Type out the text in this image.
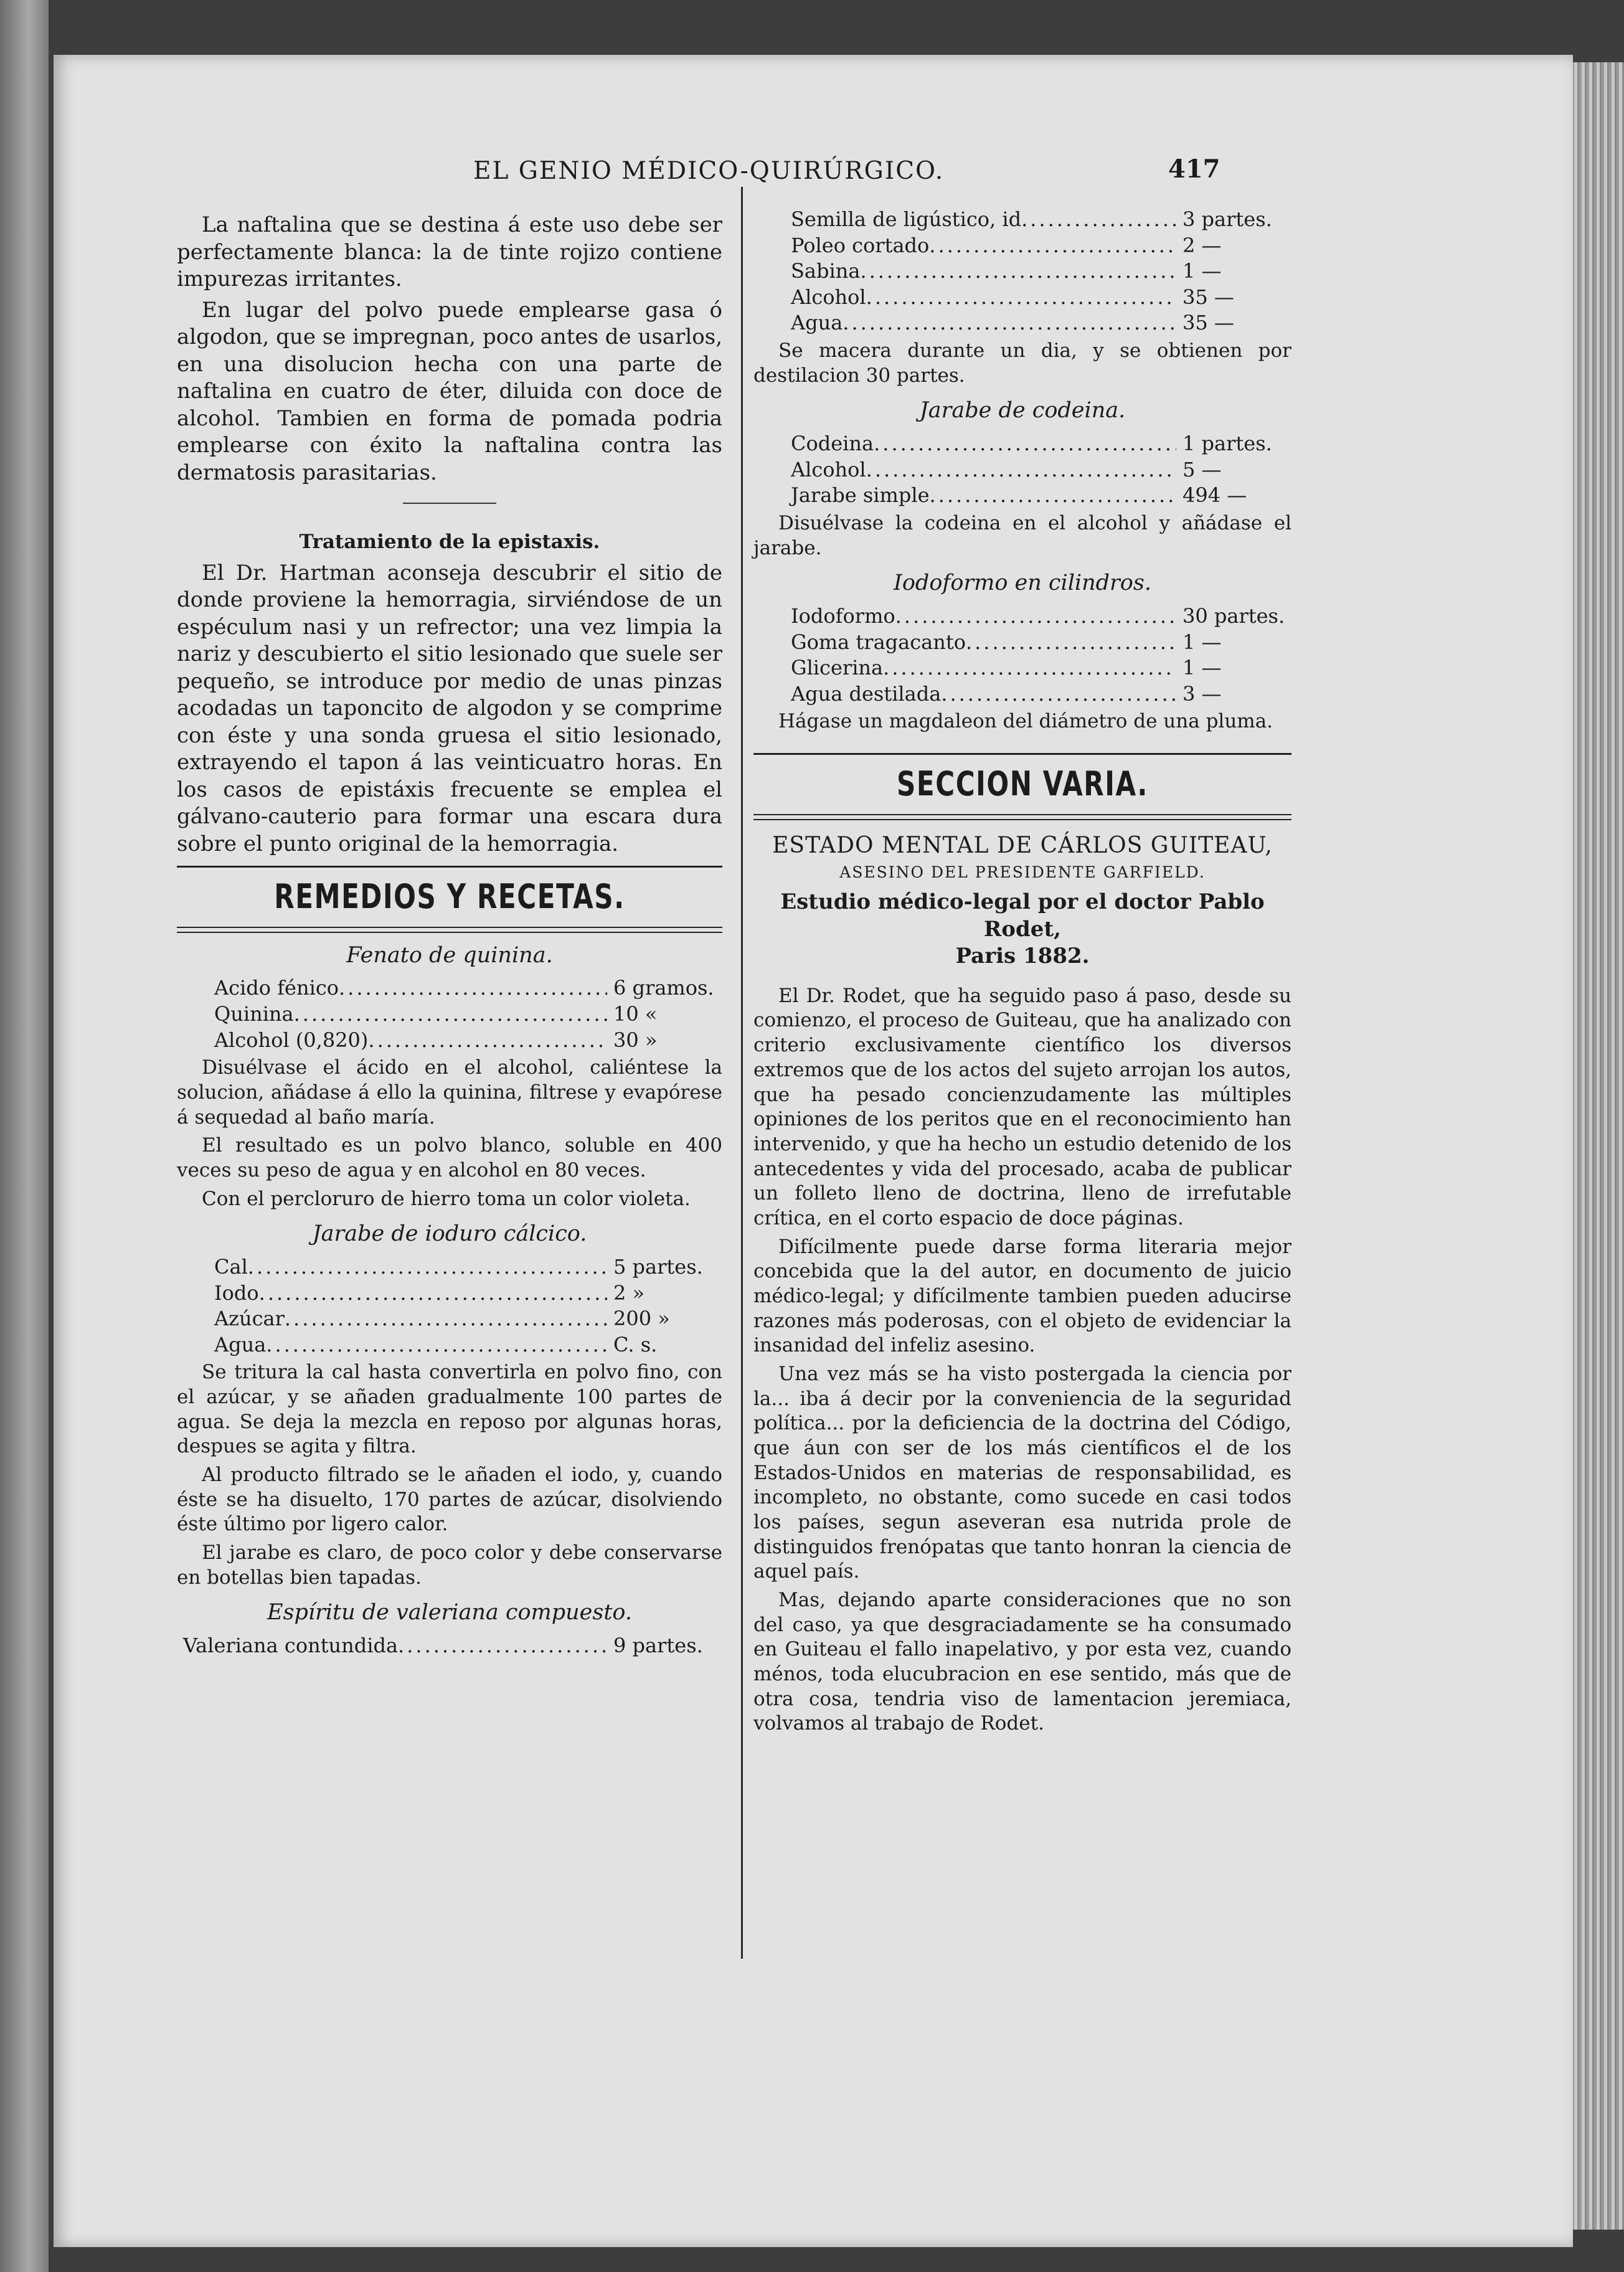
EL GENIO MÉDICO-QUIRÚRGICO.	417

La naftalina que se destina á este uso debe ser perfectamente blanca: la de tinte rojizo contiene impurezas irritantes.

En lugar del polvo puede emplearse gasa ó algodon, que se impregnan, poco antes de usarlos, en una disolucion hecha con una parte de naftalina en cuatro de éter, diluida con doce de alcohol. Tambien en forma de pomada podria emplearse con éxito la naftalina contra las dermatosis parasitarias.

Tratamiento de la epistaxis.

El Dr. Hartman aconseja descubrir el sitio de donde proviene la hemorragia, sirviéndose de un espéculum nasi y un refrector; una vez limpia la nariz y descubierto el sitio lesionado que suele ser pequeño, se introduce por medio de unas pinzas acodadas un taponcito de algodon y se comprime con éste y una sonda gruesa el sitio lesionado, extrayendo el tapon á las veinticuatro horas. En los casos de epistáxis frecuente se emplea el gálvano-cauterio para formar una escara dura sobre el punto original de la hemorragia.

REMEDIOS Y RECETAS.
Fenato de quinina.
Acido fénico .....	6 gramos.
Quinina .....	10 «
Alcohol (0,820) .....	30 »

Disuélvase el ácido en el alcohol, caliéntese la solucion, añádase á ello la quinina, filtrese y evapórese á sequedad al baño maría.

El resultado es un polvo blanco, soluble en 400 veces su peso de agua y en alcohol en 80 veces.

Con el percloruro de hierro toma un color violeta.

Jarabe de ioduro cálcico.
Cal .....	5 partes.
Iodo .....	2 »
Azúcar .....	200 »
Agua .....	C. s.

Se tritura la cal hasta convertirla en polvo fino, con el azúcar, y se añaden gradualmente 100 partes de agua. Se deja la mezcla en reposo por algunas horas, despues se agita y filtra.

Al producto filtrado se le añaden el iodo, y, cuando éste se ha disuelto, 170 partes de azúcar, disolviendo éste último por ligero calor.

El jarabe es claro, de poco color y debe conservarse en botellas bien tapadas.

Espíritu de valeriana compuesto.
Valeriana contundida .....	9 partes.
Semilla de ligústico, id .....	3 partes.
Poleo cortado .....	2 —
Sabina .....	1 —
Alcohol .....	35 —
Agua .....	35 —

Se macera durante un dia, y se obtienen por destilacion 30 partes.

Jarabe de codeina.
Codeina .....	1 partes.
Alcohol .....	5 —
Jarabe simple .....	494 —

Disuélvase la codeina en el alcohol y añádase el jarabe.

Iodoformo en cilindros.
Iodoformo .....	30 partes.
Goma tragacanto .....	1 —
Glicerina .....	1 —
Agua destilada .....	3 —

Hágase un magdaleon del diámetro de una pluma.

SECCION VARIA.
ESTADO MENTAL DE CÁRLOS GUITEAU,
ASESINO DEL PRESIDENTE GARFIELD.
Estudio médico-legal por el doctor Pablo Rodet,
Paris 1882.

El Dr. Rodet, que ha seguido paso á paso, desde su comienzo, el proceso de Guiteau, que ha analizado con criterio exclusivamente científico los diversos extremos que de los actos del sujeto arrojan los autos, que ha pesado concienzudamente las múltiples opiniones de los peritos que en el reconocimiento han intervenido, y que ha hecho un estudio detenido de los antecedentes y vida del procesado, acaba de publicar un folleto lleno de doctrina, lleno de irrefutable crítica, en el corto espacio de doce páginas.

Difícilmente puede darse forma literaria mejor concebida que la del autor, en documento de juicio médico-legal; y difícilmente tambien pueden aducirse razones más poderosas, con el objeto de evidenciar la insanidad del infeliz asesino.

Una vez más se ha visto postergada la ciencia por la... iba á decir por la conveniencia de la seguridad política... por la deficiencia de la doctrina del Código, que áun con ser de los más científicos el de los Estados-Unidos en materias de responsabilidad, es incompleto, no obstante, como sucede en casi todos los países, segun aseveran esa nutrida prole de distinguidos frenópatas que tanto honran la ciencia de aquel país.

Mas, dejando aparte consideraciones que no son del caso, ya que desgraciadamente se ha consumado en Guiteau el fallo inapelativo, y por esta vez, cuando ménos, toda elucubracion en ese sentido, más que de otra cosa, tendria viso de lamentacion jeremiaca, volvamos al trabajo de Rodet.
